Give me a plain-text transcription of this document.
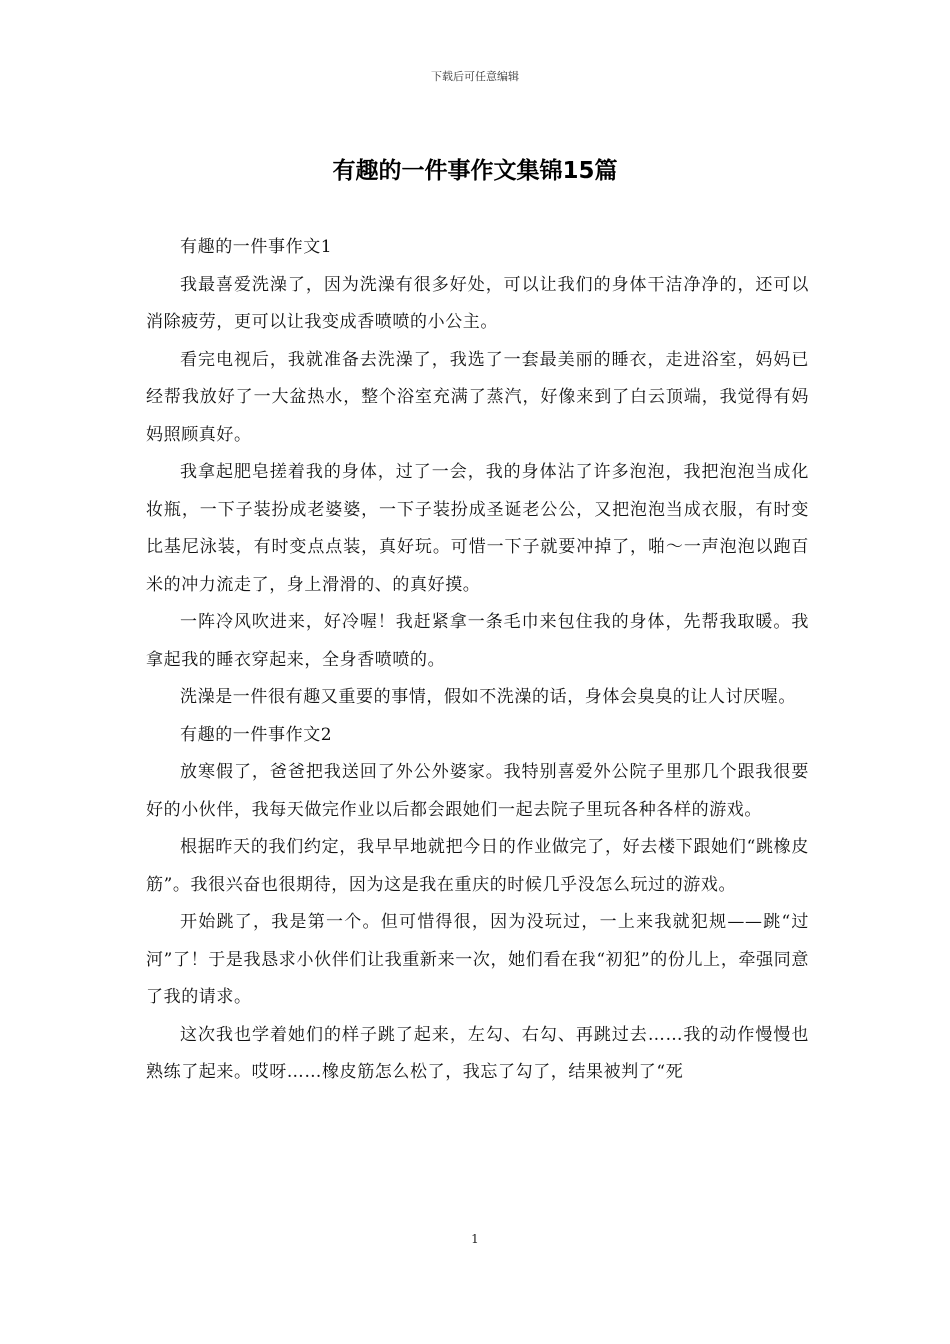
下载后可任意编辑
有趣的一件事作文集锦15篇

有趣的一件事作文1

我最喜爱洗澡了，因为洗澡有很多好处，可以让我们的身体干洁净净的，还可以消除疲劳，更可以让我变成香喷喷的小公主。

看完电视后，我就准备去洗澡了，我选了一套最美丽的睡衣，走进浴室，妈妈已经帮我放好了一大盆热水，整个浴室充满了蒸汽，好像来到了白云顶端，我觉得有妈妈照顾真好。

我拿起肥皂搓着我的身体，过了一会，我的身体沾了许多泡泡，我把泡泡当成化妆瓶，一下子装扮成老婆婆，一下子装扮成圣诞老公公，又把泡泡当成衣服，有时变比基尼泳装，有时变点点装，真好玩。可惜一下子就要冲掉了，啪～一声泡泡以跑百米的冲力流走了，身上滑滑的、的真好摸。

一阵冷风吹进来，好冷喔！我赶紧拿一条毛巾来包住我的身体，先帮我取暖。我拿起我的睡衣穿起来，全身香喷喷的。

洗澡是一件很有趣又重要的事情，假如不洗澡的话，身体会臭臭的让人讨厌喔。

有趣的一件事作文2

放寒假了，爸爸把我送回了外公外婆家。我特别喜爱外公院子里那几个跟我很要好的小伙伴，我每天做完作业以后都会跟她们一起去院子里玩各种各样的游戏。

根据昨天的我们约定，我早早地就把今日的作业做完了，好去楼下跟她们“跳橡皮筋”。我很兴奋也很期待，因为这是我在重庆的时候几乎没怎么玩过的游戏。

开始跳了，我是第一个。但可惜得很，因为没玩过，一上来我就犯规——跳“过河”了！于是我恳求小伙伴们让我重新来一次，她们看在我“初犯”的份儿上，牵强同意了我的请求。

这次我也学着她们的样子跳了起来，左勾、右勾、再跳过去……我的动作慢慢也熟练了起来。哎呀……橡皮筋怎么松了，我忘了勾了，结果被判了“死

1
